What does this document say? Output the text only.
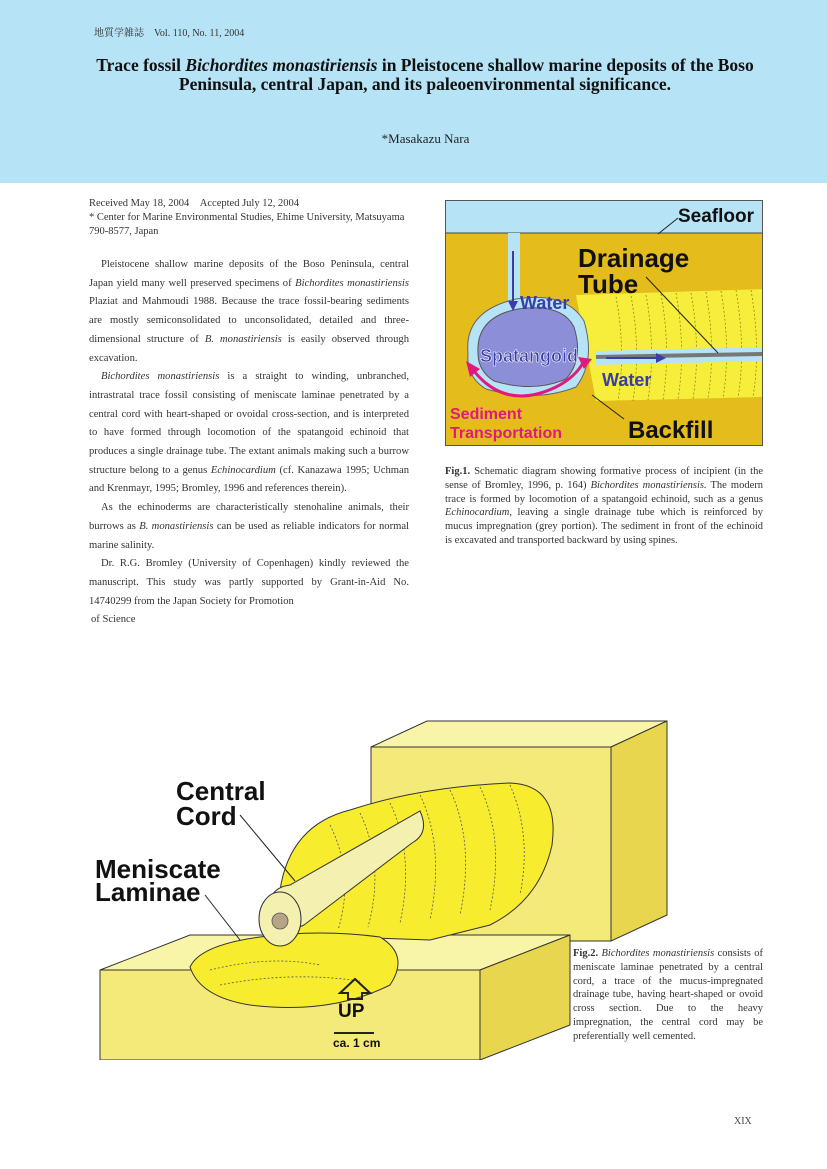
地質学雑誌　Vol. 110, No. 11, 2004
Trace fossil Bichordites monastiriensis in Pleistocene shallow marine deposits of the Boso Peninsula, central Japan, and its paleoenvironmental significance.
*Masakazu Nara
Received May 18, 2004　Accepted July 12, 2004
* Center for Marine Environmental Studies, Ehime University, Matsuyama 790-8577, Japan

Pleistocene shallow marine deposits of the Boso Peninsula, central Japan yield many well preserved specimens of Bichordites monastiriensis Plaziat and Mahmoudi 1988. Because the trace fossil-bearing sediments are mostly semiconsolidated to unconsolidated, detailed and three-dimensional structure of B. monastiriensis is easily observed through excavation.

Bichordites monastiriensis is a straight to winding, unbranched, intrastratal trace fossil consisting of meniscate laminae penetrated by a central cord with heart-shaped or ovoidal cross-section, and is interpreted to have formed through locomotion of the spatangoid echinoid that produces a single drainage tube. The extant animals making such a burrow structure belong to a genus Echinocardium (cf. Kanazawa 1995; Uchman and Krenmayr, 1995; Bromley, 1996 and references therein).

As the echinoderms are characteristically stenohaline animals, their burrows as B. monastiriensis can be used as reliable indicators for normal marine salinity.

Dr. R.G. Bromley (University of Copenhagen) kindly reviewed the manuscript. This study was partly supported by Grant-in-Aid No. 14740299 from the Japan Society for Promotion
of Science

Seafloor
Drainage
Tube
Water
Spatangoid
Water
Sediment
Transportation	Backfill
Fig.1. Schematic diagram showing formative process of incipient (in the sense of Bromley, 1996, p. 164) Bichordites monastiriensis. The modern trace is formed by locomotion of a spatangoid echinoid, such as a genus Echinocardium, leaving a single drainage tube which is reinforced by mucus impregnation (grey portion). The sediment in front of the echinoid is excavated and transported backward by using spines.
Central
Cord
Meniscate
Laminae
UP
ca. 1 cm
Fig.2. Bichordites monastiriensis consists of meniscate laminae penetrated by a central cord, a trace of the mucus-impregnated drainage tube, having heart-shaped or ovoid cross section. Due to the heavy impregnation, the central cord may be preferentially well cemented.
XIX
